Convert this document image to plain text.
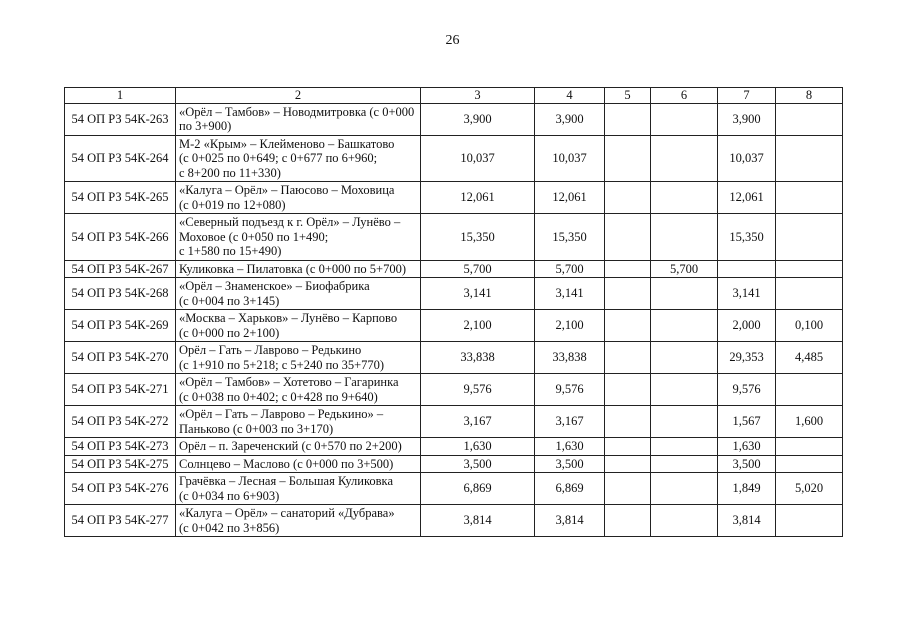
26
1	2	3	4	5	6	7	8
54 ОП РЗ 54К-263	«Орёл – Тамбов» – Новодмитровка (с 0+000
по 3+900)	3,900	3,900			3,900	
54 ОП РЗ 54К-264	М-2 «Крым» – Клейменово – Башкатово
(с 0+025 по 0+649; с 0+677 по 6+960;
с 8+200 по 11+330)	10,037	10,037			10,037	
54 ОП РЗ 54К-265	«Калуга – Орёл» – Паюсово – Моховица
(с 0+019 по 12+080)	12,061	12,061			12,061	
54 ОП РЗ 54К-266	«Северный подъезд к г. Орёл» – Лунёво –
Моховое (с 0+050 по 1+490;
с 1+580 по 15+490)	15,350	15,350			15,350	
54 ОП РЗ 54К-267	Куликовка – Пилатовка (с 0+000 по 5+700)	5,700	5,700		5,700		
54 ОП РЗ 54К-268	«Орёл – Знаменское» – Биофабрика
(с 0+004 по 3+145)	3,141	3,141			3,141	
54 ОП РЗ 54К-269	«Москва – Харьков» – Лунёво – Карпово
(с 0+000 по 2+100)	2,100	2,100			2,000	0,100
54 ОП РЗ 54К-270	Орёл – Гать – Лаврово – Редькино
(с 1+910 по 5+218; с 5+240 по 35+770)	33,838	33,838			29,353	4,485
54 ОП РЗ 54К-271	«Орёл – Тамбов» – Хотетово – Гагаринка
(с 0+038 по 0+402; с 0+428 по 9+640)	9,576	9,576			9,576	
54 ОП РЗ 54К-272	«Орёл – Гать – Лаврово – Редькино» –
Паньково (с 0+003 по 3+170)	3,167	3,167			1,567	1,600
54 ОП РЗ 54К-273	Орёл – п. Зареченский (с 0+570 по 2+200)	1,630	1,630			1,630	
54 ОП РЗ 54К-275	Солнцево – Маслово (с 0+000 по 3+500)	3,500	3,500			3,500	
54 ОП РЗ 54К-276	Грачёвка – Лесная – Большая Куликовка
(с 0+034 по 6+903)	6,869	6,869			1,849	5,020
54 ОП РЗ 54К-277	«Калуга – Орёл» – санаторий «Дубрава»
(с 0+042 по 3+856)	3,814	3,814			3,814	
